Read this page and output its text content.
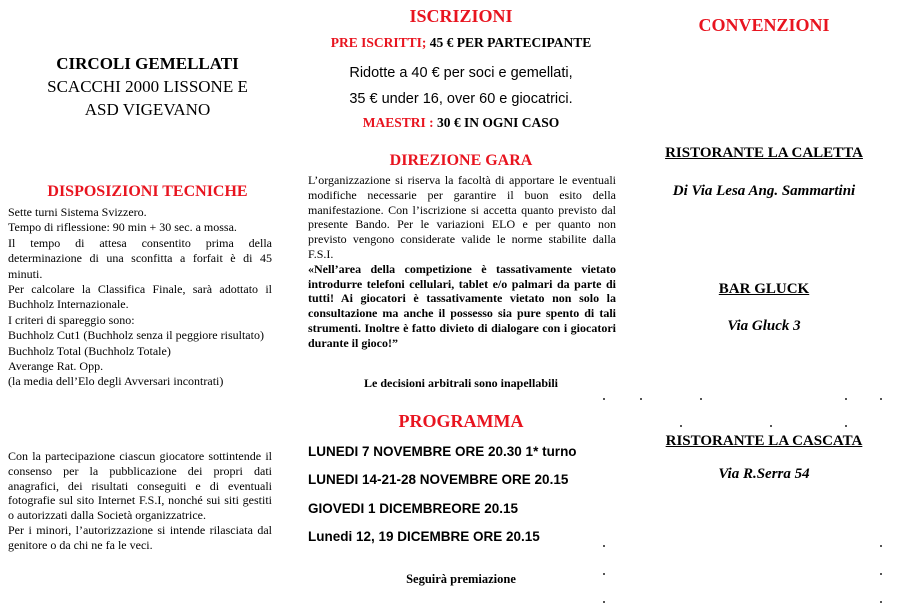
CIRCOLI GEMELLATI
SCACCHI 2000 LISSONE E
ASD VIGEVANO
DISPOSIZIONI TECNICHE

Sette turni Sistema Svizzero.

Tempo di riflessione: 90 min + 30 sec. a mossa.

Il tempo di attesa consentito prima della determinazione di una sconfitta a forfait è di 45 minuti.

Per calcolare la Classifica Finale, sarà adottato il Buchholz Internazionale.

I criteri di spareggio sono:

Buchholz Cut1 (Buchholz senza il peggiore risultato)

Buchholz Total (Buchholz Totale)

Averange Rat. Opp.

(la media dell’Elo degli Avversari incontrati)

Con la partecipazione ciascun giocatore sottintende il consenso per la pubblicazione dei propri dati anagrafici, dei risultati conseguiti e di eventuali fotografie sul sito Internet F.S.I, nonché sui siti gestiti o autorizzati dalla Società organizzatrice.

Per i minori, l’autorizzazione si intende rilasciata dal genitore o da chi ne fa le veci.

ISCRIZIONI
PRE ISCRITTI; 45 € PER PARTECIPANTE
Ridotte a 40 € per soci e gemellati,
35 € under 16, over 60 e giocatrici.
MAESTRI : 30 € IN OGNI CASO
DIREZIONE GARA

L’organizzazione si riserva la facoltà di apportare le eventuali modifiche necessarie per garantire il buon esito della manifestazione. Con l’iscrizione si accetta quanto previsto dal presente Bando. Per le variazioni ELO e per quanto non previsto vengono considerate valide le norme stabilite dalla F.S.I.

«Nell’area della competizione è tassativamente vietato introdurre telefoni cellulari, tablet e/o palmari da parte di tutti! Ai giocatori è tassativamente vietato non solo la consultazione ma anche il possesso sia pure spento di tali strumenti. Inoltre è fatto divieto di dialogare con i giocatori durante il gioco!”

Le decisioni arbitrali sono inapellabili
PROGRAMMA
LUNEDI 7 NOVEMBRE ORE 20.30 1* turno
LUNEDI 14-21-28 NOVEMBRE ORE 20.15
GIOVEDI 1 DICEMBREORE 20.15
Lunedi 12, 19 DICEMBRE ORE 20.15
Seguirà premiazione
CONVENZIONI
RISTORANTE LA CALETTA
Di Via Lesa Ang. Sammartini
BAR GLUCK
Via Gluck 3
RISTORANTE LA CASCATA
Via R.Serra 54
